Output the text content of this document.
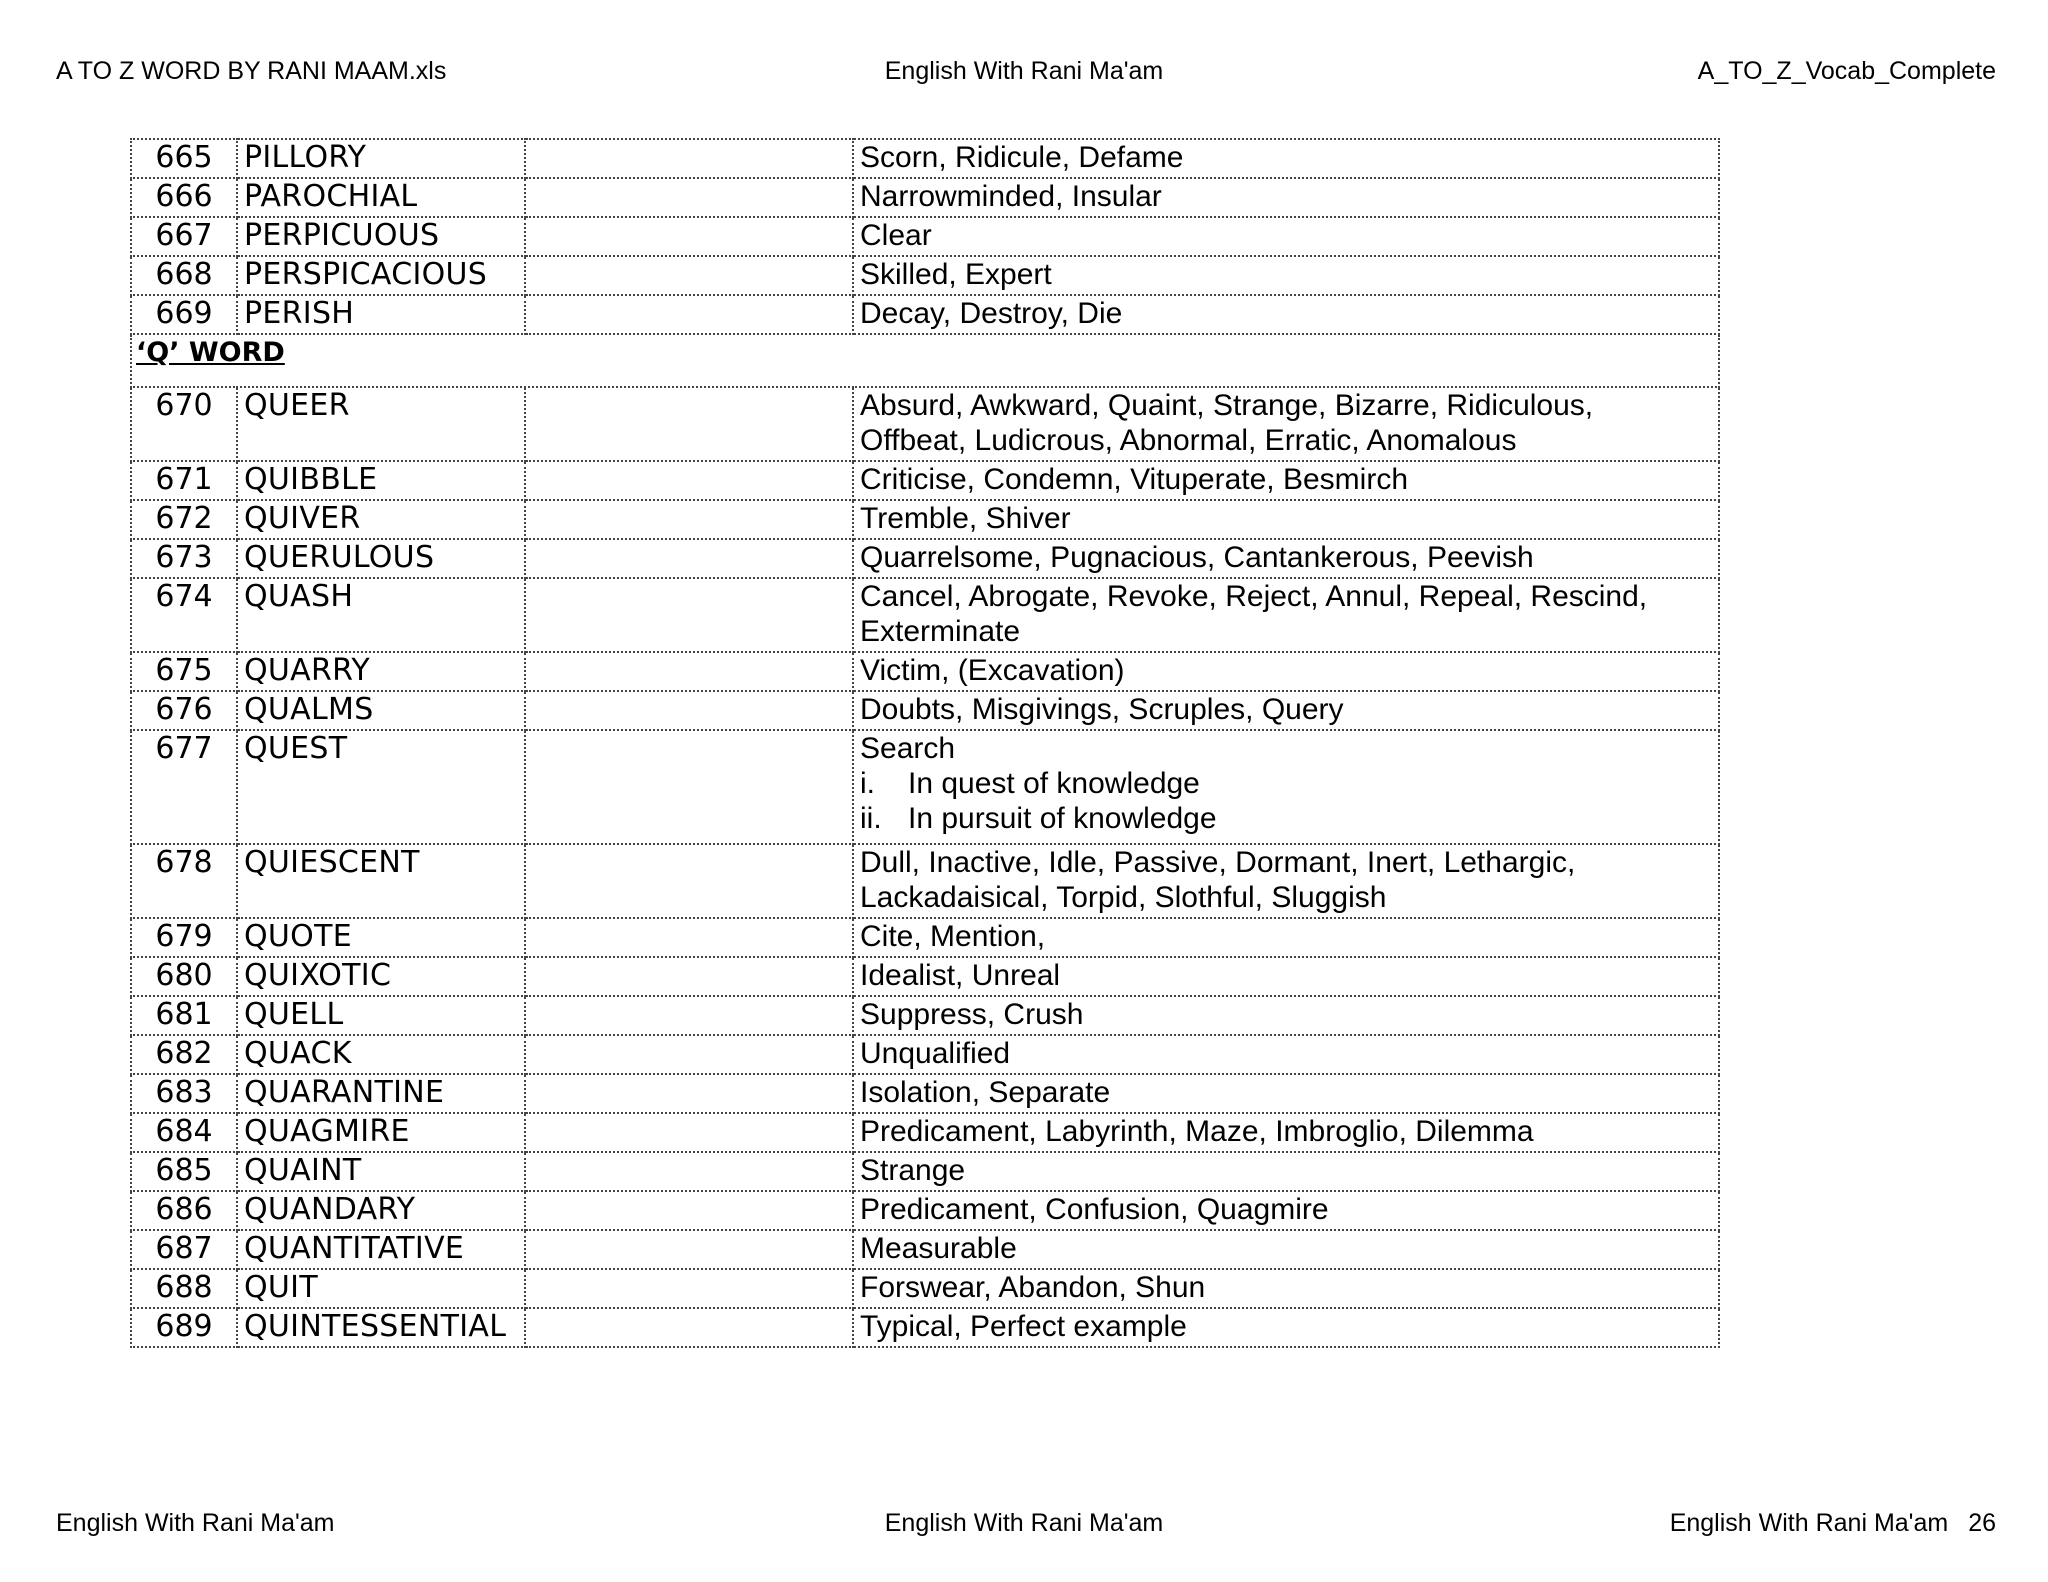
A TO Z WORD BY RANI MAAM.xls	English With Rani Ma'am	A_TO_Z_Vocab_Complete
665	PILLORY		Scorn, Ridicule, Defame
666	PAROCHIAL		Narrowminded, Insular
667	PERPICUOUS		Clear
668	PERSPICACIOUS		Skilled, Expert
669	PERISH		Decay, Destroy, Die
‘Q’ WORD			
670	QUEER		Absurd, Awkward, Quaint, Strange, Bizarre, Ridiculous,
Offbeat, Ludicrous, Abnormal, Erratic, Anomalous

671	QUIBBLE		Criticise, Condemn, Vituperate, Besmirch
672	QUIVER		Tremble, Shiver
673	QUERULOUS		Quarrelsome, Pugnacious, Cantankerous, Peevish
674	QUASH		Cancel, Abrogate, Revoke, Reject, Annul, Repeal, Rescind,
Exterminate

675	QUARRY		Victim, (Excavation)
676	QUALMS		Doubts, Misgivings, Scruples, Query
677	QUEST		Search
i. In quest of knowledge
ii. In pursuit of knowledge

678	QUIESCENT		Dull, Inactive, Idle, Passive, Dormant, Inert, Lethargic,
Lackadaisical, Torpid, Slothful, Sluggish

679	QUOTE		Cite, Mention,
680	QUIXOTIC		Idealist, Unreal
681	QUELL		Suppress, Crush
682	QUACK		Unqualified
683	QUARANTINE		Isolation, Separate
684	QUAGMIRE		Predicament, Labyrinth, Maze, Imbroglio, Dilemma
685	QUAINT		Strange
686	QUANDARY		Predicament, Confusion, Quagmire
687	QUANTITATIVE		Measurable
688	QUIT		Forswear, Abandon, Shun
689	QUINTESSENTIAL		Typical, Perfect example
English With Rani Ma'am	English With Rani Ma'am	English With Rani Ma'am 26
